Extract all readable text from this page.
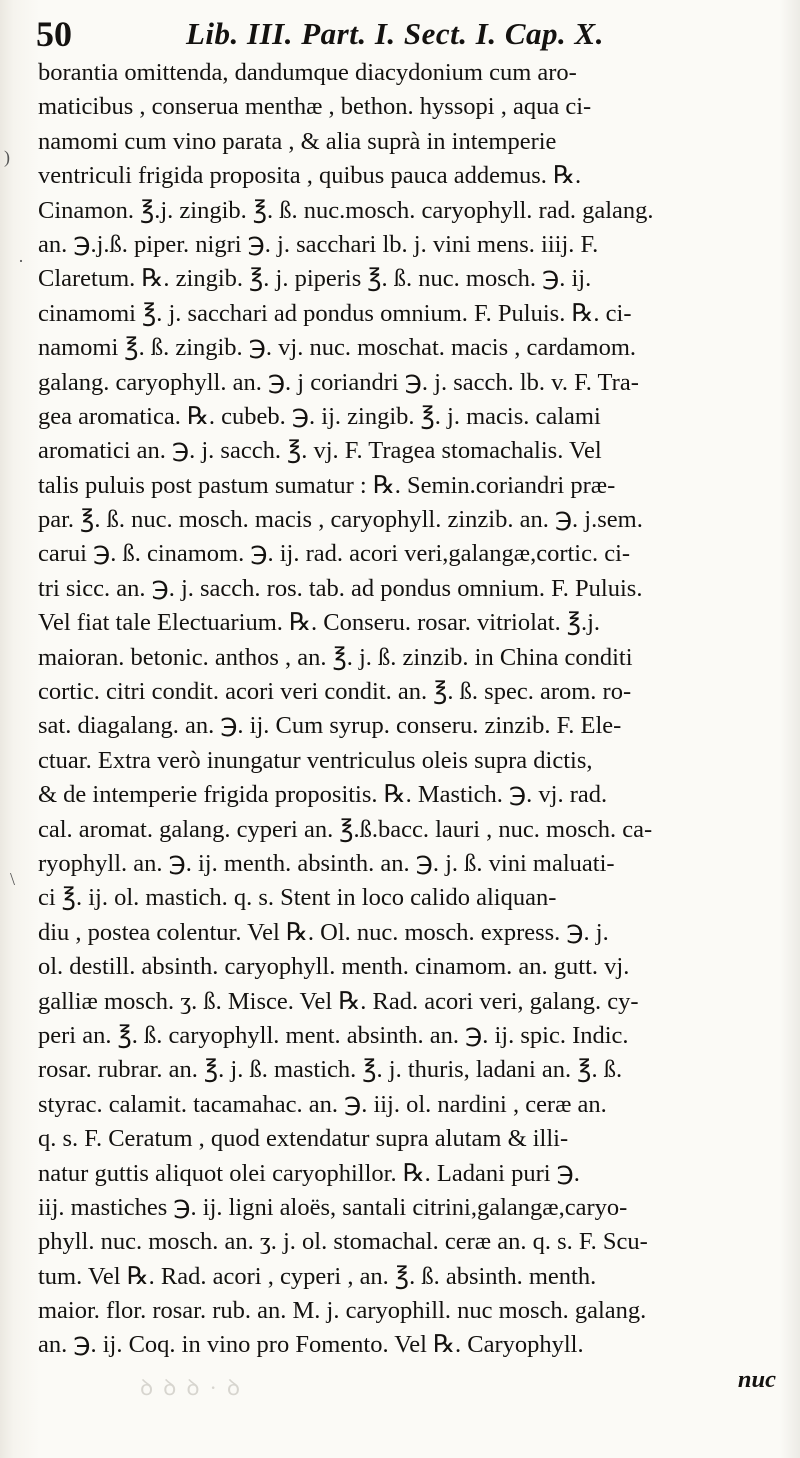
50	Lib. III. Part. I. Sect. I. Cap. X.
)
·
\
borantia omittenda, dandumque diacydonium cum aro-
maticibus , conserua menthæ , bethon. hyssopi , aqua ci-
namomi cum vino parata , & alia suprà in intemperie
ventriculi frigida proposita , quibus pauca addemus. ℞.
Cinamon. ℥.j. zingib. ℥. ß. nuc.mosch. caryophyll. rad. galang.
an. ℈.j.ß. piper. nigri ℈. j. sacchari lb. j. vini mens. iiij. F.
Claretum. ℞. zingib. ℥. j. piperis ℥. ß. nuc. mosch. ℈. ij.
cinamomi ℥. j. sacchari ad pondus omnium. F. Puluis. ℞. ci-
namomi ℥. ß. zingib. ℈. vj. nuc. moschat. macis , cardamom.
galang. caryophyll. an. ℈. j coriandri ℈. j. sacch. lb. v. F. Tra-
gea aromatica. ℞. cubeb. ℈. ij. zingib. ℥. j. macis. calami
aromatici an. ℈. j. sacch. ℥. vj. F. Tragea stomachalis. Vel
talis puluis post pastum sumatur : ℞. Semin.coriandri præ-
par. ℥. ß. nuc. mosch. macis , caryophyll. zinzib. an. ℈. j.sem.
carui ℈. ß. cinamom. ℈. ij. rad. acori veri,galangæ,cortic. ci-
tri sicc. an. ℈. j. sacch. ros. tab. ad pondus omnium. F. Puluis.
Vel fiat tale Electuarium. ℞. Conseru. rosar. vitriolat. ℥.j.
maioran. betonic. anthos , an. ℥. j. ß. zinzib. in China conditi
cortic. citri condit. acori veri condit. an. ℥. ß. spec. arom. ro-
sat. diagalang. an. ℈. ij. Cum syrup. conseru. zinzib. F. Ele-
ctuar. Extra verò inungatur ventriculus oleis supra dictis,
& de intemperie frigida propositis. ℞. Mastich. ℈. vj. rad.
cal. aromat. galang. cyperi an. ℥.ß.bacc. lauri , nuc. mosch. ca-
ryophyll. an. ℈. ij. menth. absinth. an. ℈. j. ß. vini maluati-
ci ℥. ij. ol. mastich. q. s. Stent in loco calido aliquan-
diu , postea colentur. Vel ℞. Ol. nuc. mosch. express. ℈. j.
ol. destill. absinth. caryophyll. menth. cinamom. an. gutt. vj.
galliæ mosch. ʒ. ß. Misce. Vel ℞. Rad. acori veri, galang. cy-
peri an. ℥. ß. caryophyll. ment. absinth. an. ℈. ij. spic. Indic.
rosar. rubrar. an. ℥. j. ß. mastich. ℥. j. thuris, ladani an. ℥. ß.
styrac. calamit. tacamahac. an. ℈. iij. ol. nardini , ceræ an.
q. s. F. Ceratum , quod extendatur supra alutam & illi-
natur guttis aliquot olei caryophillor. ℞. Ladani puri ℈.
iij. mastiches ℈. ij. ligni aloës, santali citrini,galangæ,caryo-
phyll. nuc. mosch. an. ʒ. j. ol. stomachal. ceræ an. q. s. F. Scu-
tum. Vel ℞. Rad. acori , cyperi , an. ℥. ß. absinth. menth.
maior. flor. rosar. rub. an. M. j. caryophill. nuc mosch. galang.
an. ℈. ij. Coq. in vino pro Fomento. Vel ℞. Caryophyll.
nuc
ꝺꝺꝺ·ꝺ
